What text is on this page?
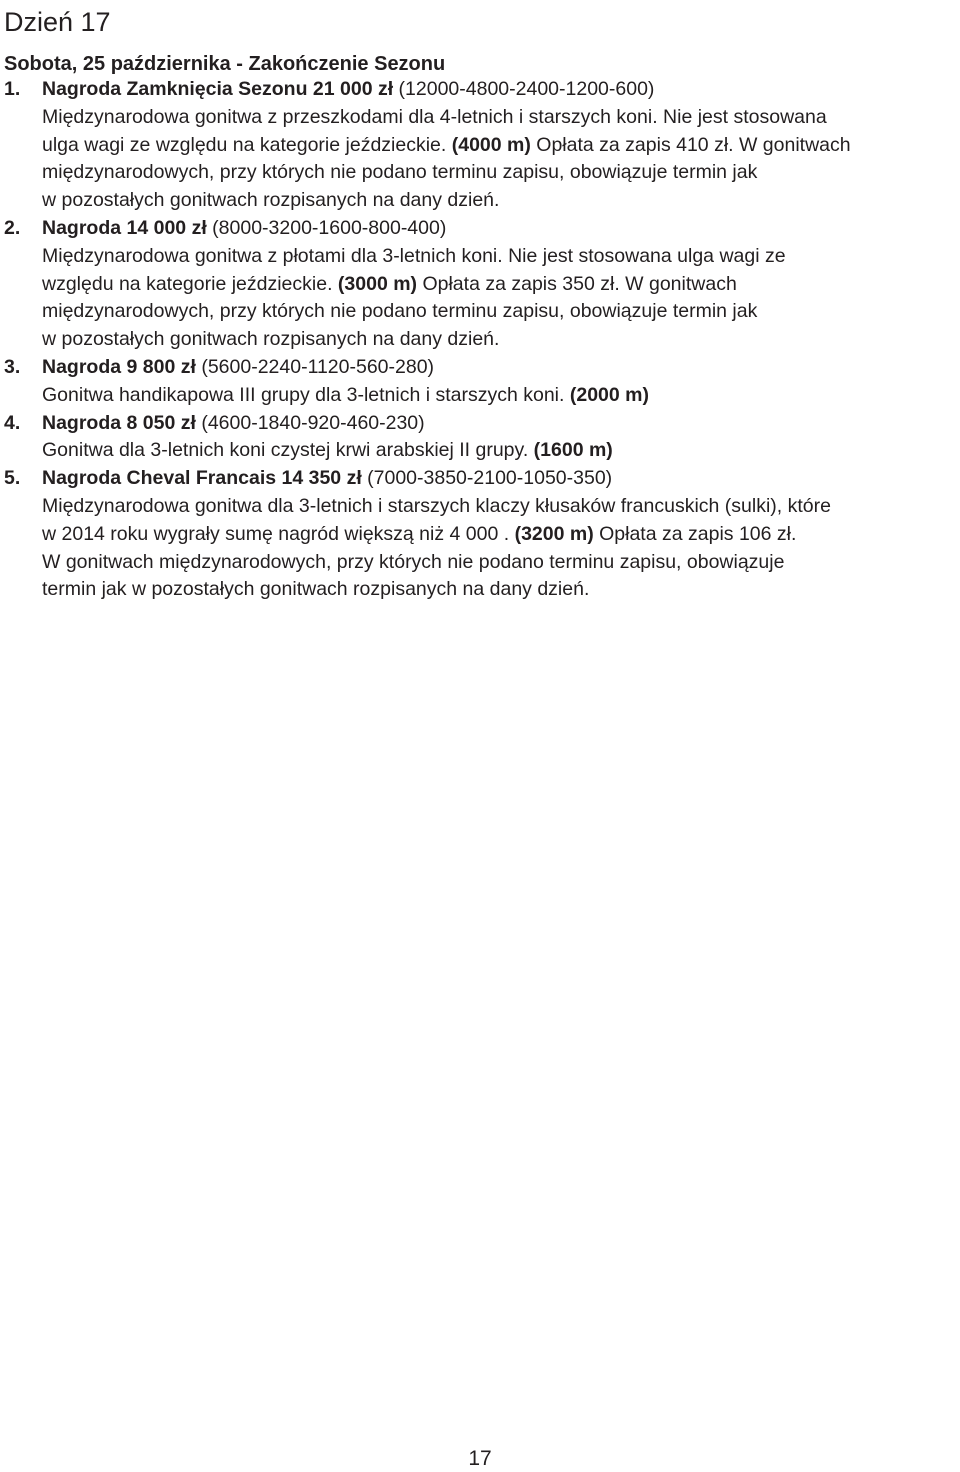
Dzień 17
Sobota, 25 października - Zakończenie Sezonu
1. Nagroda Zamknięcia Sezonu 21 000 zł (12000-4800-2400-1200-600)
Międzynarodowa gonitwa z przeszkodami dla 4-letnich i starszych koni. Nie jest stosowana
ulga wagi ze względu na kategorie jeździeckie. (4000 m) Opłata za zapis 410 zł. W gonitwach
międzynarodowych, przy których nie podano terminu zapisu, obowiązuje termin jak
w pozostałych gonitwach rozpisanych na dany dzień.
2. Nagroda 14 000 zł (8000-3200-1600-800-400)
Międzynarodowa gonitwa z płotami dla 3-letnich koni. Nie jest stosowana ulga wagi ze
względu na kategorie jeździeckie. (3000 m) Opłata za zapis 350 zł. W gonitwach
międzynarodowych, przy których nie podano terminu zapisu, obowiązuje termin jak
w pozostałych gonitwach rozpisanych na dany dzień.
3. Nagroda 9 800 zł (5600-2240-1120-560-280)
Gonitwa handikapowa III grupy dla 3-letnich i starszych koni. (2000 m)
4. Nagroda 8 050 zł (4600-1840-920-460-230)
Gonitwa dla 3-letnich koni czystej krwi arabskiej II grupy. (1600 m)
5. Nagroda Cheval Francais 14 350 zł (7000-3850-2100-1050-350)
Międzynarodowa gonitwa dla 3-letnich i starszych klaczy kłusaków francuskich (sulki), które
w 2014 roku wygrały sumę nagród większą niż 4 000 . (3200 m) Opłata za zapis 106 zł.
W gonitwach międzynarodowych, przy których nie podano terminu zapisu, obowiązuje
termin jak w pozostałych gonitwach rozpisanych na dany dzień.
17
